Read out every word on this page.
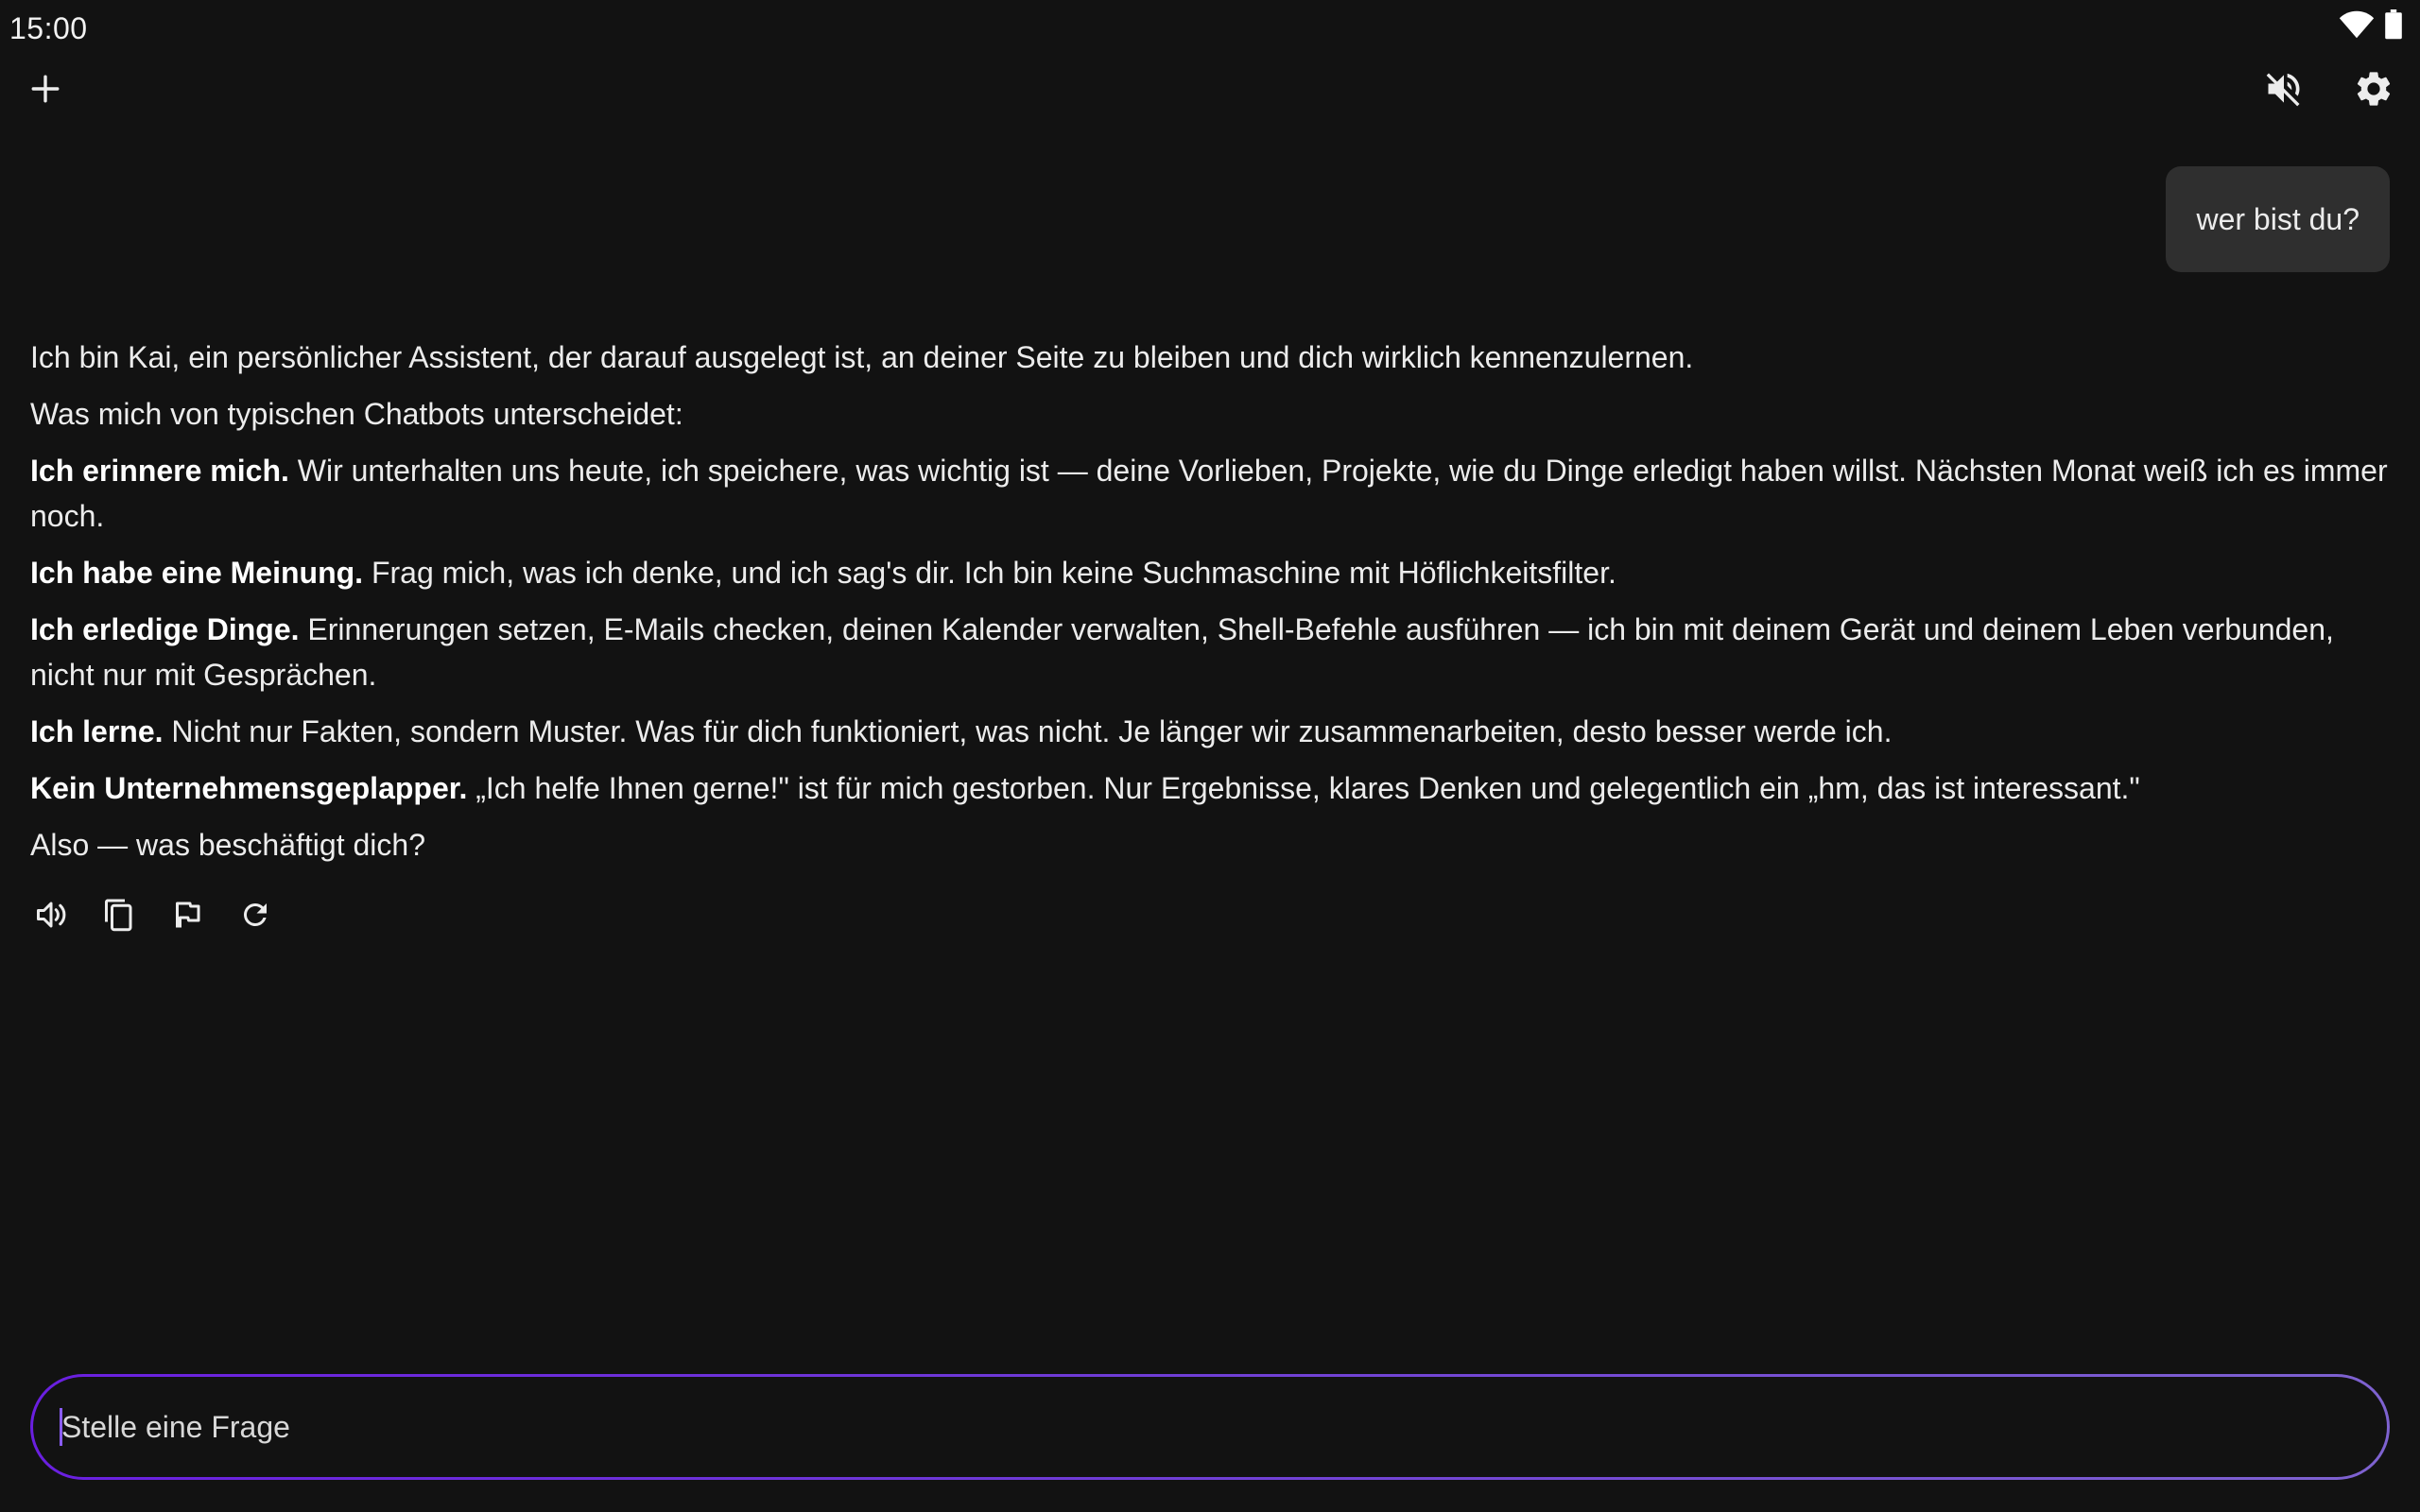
15:00
wer bist du?

Ich bin Kai, ein persönlicher Assistent, der darauf ausgelegt ist, an deiner Seite zu bleiben und dich wirklich kennenzulernen.

Was mich von typischen Chatbots unterscheidet:

Ich erinnere mich. Wir unterhalten uns heute, ich speichere, was wichtig ist — deine Vorlieben, Projekte, wie du Dinge erledigt haben willst. Nächsten Monat weiß ich es immer noch.

Ich habe eine Meinung. Frag mich, was ich denke, und ich sag's dir. Ich bin keine Suchmaschine mit Höflichkeitsfilter.

Ich erledige Dinge. Erinnerungen setzen, E-Mails checken, deinen Kalender verwalten, Shell-Befehle ausführen — ich bin mit deinem Gerät und deinem Leben verbunden, nicht nur mit Gesprächen.

Ich lerne. Nicht nur Fakten, sondern Muster. Was für dich funktioniert, was nicht. Je länger wir zusammenarbeiten, desto besser werde ich.

Kein Unternehmensgeplapper. „Ich helfe Ihnen gerne!" ist für mich gestorben. Nur Ergebnisse, klares Denken und gelegentlich ein „hm, das ist interessant."

Also — was beschäftigt dich?

Stelle eine Frage
